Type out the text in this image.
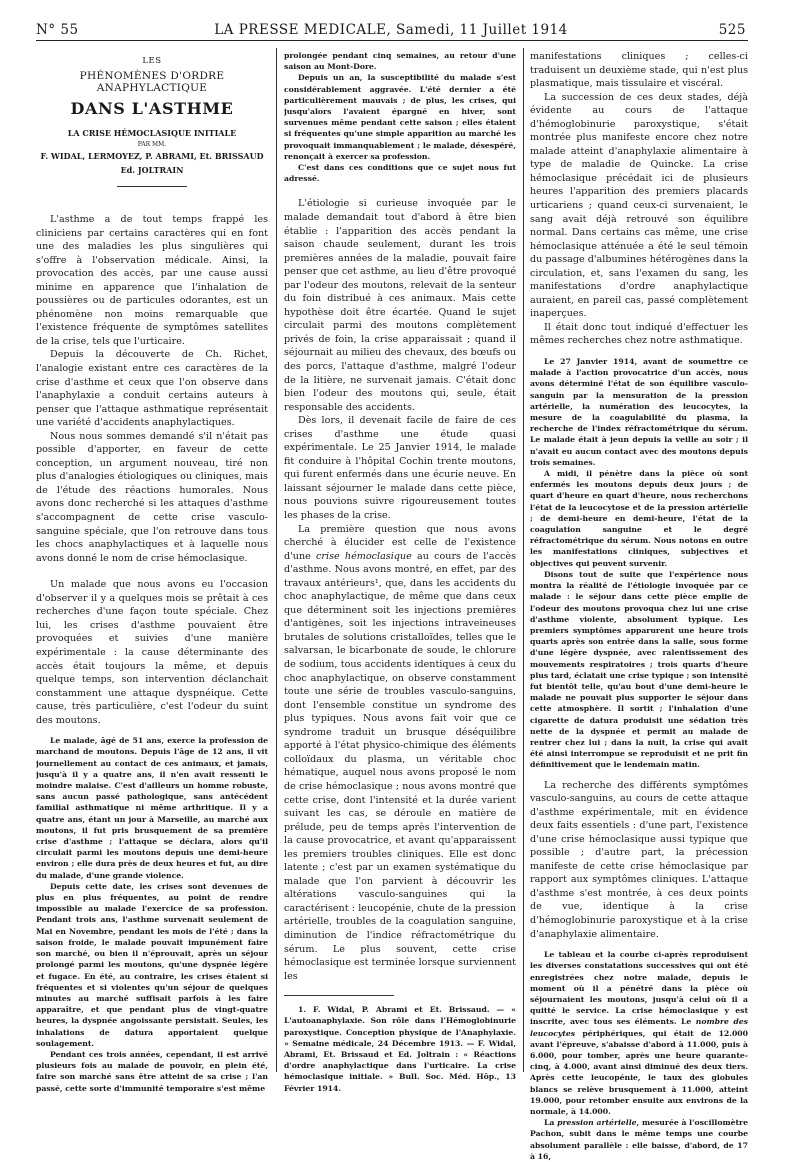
N° 55	LA PRESSE MEDICALE, Samedi, 11 Juillet 1914	525
LES
PHÉNOMÈNES D'ORDRE ANAPHYLACTIQUE
DANS L'ASTHME
LA CRISE HÉMOCLASIQUE INITIALE
PAR MM.
F. WIDAL, LERMOYEZ, P. ABRAMI, Et. BRISSAUD
Ed. JOLTRAIN

L'asthme a de tout temps frappé les cliniciens par certains caractères qui en font une des maladies les plus singulières qui s'offre à l'observation médicale. Ainsi, la provocation des accès, par une cause aussi minime en apparence que l'inhalation de poussières ou de particules odorantes, est un phénomène non moins remarquable que l'existence fréquente de symptômes satellites de la crise, tels que l'urticaire.

Depuis la découverte de Ch. Richet, l'analogie existant entre ces caractères de la crise d'asthme et ceux que l'on observe dans l'anaphylaxie a conduit certains auteurs à penser que l'attaque asthmatique représentait une variété d'accidents anaphylactiques.

Nous nous sommes demandé s'il n'était pas possible d'apporter, en faveur de cette conception, un argument nouveau, tiré non plus d'analogies étiologiques ou cliniques, mais de l'étude des réactions humorales. Nous avons donc recherché si les attaques d'asthme s'accompagnent de cette crise vasculo-sanguine spéciale, que l'on retrouve dans tous les chocs anaphylactiques et à laquelle nous avons donné le nom de crise hémoclasique.

Un malade que nous avons eu l'occasion d'observer il y a quelques mois se prêtait à ces recherches d'une façon toute spéciale. Chez lui, les crises d'asthme pouvaient être provoquées et suivies d'une manière expérimentale : la cause déterminante des accès était toujours la même, et depuis quelque temps, son intervention déclanchait constamment une attaque dyspnéique. Cette cause, très particulière, c'est l'odeur du suint des moutons.

Le malade, âgé de 51 ans, exerce la profession de marchand de moutons. Depuis l'âge de 12 ans, il vit journellement au contact de ces animaux, et jamais, jusqu'à il y a quatre ans, il n'en avait ressenti le moindre malaise. C'est d'ailleurs un homme robuste, sans aucun passé pathologique, sans antécédent familial asthmatique ni même arthritique. Il y a quatre ans, étant un jour à Marseille, au marché aux moutons, il fut pris brusquement de sa première crise d'asthme ; l'attaque se déclara, alors qu'il circulait parmi les moutons depuis une demi-heure environ ; elle dura près de deux heures et fut, au dire du malade, d'une grande violence.

Depuis cette date, les crises sont devenues de plus en plus fréquentes, au point de rendre impossible au malade l'exercice de sa profession. Pendant trois ans, l'asthme survenait seulement de Mai en Novembre, pendant les mois de l'été ; dans la saison froide, le malade pouvait impunément faire son marché, ou bien il n'éprouvait, après un séjour prolongé parmi les moutons, qu'une dyspnée légère et fugace. En été, au contraire, les crises étaient si fréquentes et si violentes qu'un séjour de quelques minutes au marché suffisait parfois à les faire apparaître, et que pendant plus de vingt-quatre heures, la dyspnée angoissante persistait. Seules, les inhalations de datura apportaient quelque soulagement.

Pendant ces trois années, cependant, il est arrivé plusieurs fois au malade de pouvoir, en plein été, faire son marché sans être atteint de sa crise ; l'an passé, cette sorte d'immunité temporaire s'est même

prolongée pendant cinq semaines, au retour d'une saison au Mont-Dore.

Depuis un an, la susceptibilité du malade s'est considérablement aggravée. L'été dernier a été particulièrement mauvais ; de plus, les crises, qui jusqu'alors l'avaient épargné en hiver, sont survenues même pendant cette saison ; elles étaient si fréquentes qu'une simple apparition au marché les provoquait immanquablement ; le malade, désespéré, renonçait à exercer sa profession.

C'est dans ces conditions que ce sujet nous fut adressé.

L'étiologie si curieuse invoquée par le malade demandait tout d'abord à être bien établie : l'apparition des accès pendant la saison chaude seulement, durant les trois premières années de la maladie, pouvait faire penser que cet asthme, au lieu d'être provoqué par l'odeur des moutons, relevait de la senteur du foin distribué à ces animaux. Mais cette hypothèse doit être écartée. Quand le sujet circulait parmi des moutons complètement privés de foin, la crise apparaissait ; quand il séjournait au milieu des chevaux, des bœufs ou des porcs, l'attaque d'asthme, malgré l'odeur de la litière, ne survenait jamais. C'était donc bien l'odeur des moutons qui, seule, était responsable des accidents.

Dès lors, il devenait facile de faire de ces crises d'asthme une étude quasi expérimentale. Le 25 Janvier 1914, le malade fit conduire à l'hôpital Cochin trente moutons, qui furent enfermés dans une écurie neuve. En laissant séjourner le malade dans cette pièce, nous pouvions suivre rigoureusement toutes les phases de la crise.

La première question que nous avons cherché à élucider est celle de l'existence d'une crise hémoclasique au cours de l'accès d'asthme. Nous avons montré, en effet, par des travaux antérieurs¹, que, dans les accidents du choc anaphylactique, de même que dans ceux que déterminent soit les injections premières d'antigènes, soit les injections intraveineuses brutales de solutions cristalloïdes, telles que le salvarsan, le bicarbonate de soude, le chlorure de sodium, tous accidents identiques à ceux du choc anaphylactique, on observe constamment toute une série de troubles vasculo-sanguins, dont l'ensemble constitue un syndrome des plus typiques. Nous avons fait voir que ce syndrome traduit un brusque déséquilibre apporté à l'état physico-chimique des éléments colloïdaux du plasma, un véritable choc hématique, auquel nous avons proposé le nom de crise hémoclasique ; nous avons montré que cette crise, dont l'intensité et la durée varient suivant les cas, se déroule en matière de prélude, peu de temps après l'intervention de la cause provocatrice, et avant qu'apparaissent les premiers troubles cliniques. Elle est donc latente ; c'est par un examen systématique du malade que l'on parvient à découvrir les altérations vasculo-sanguines qui la caractérisent : leucopénie, chute de la pression artérielle, troubles de la coagulation sanguine, diminution de l'indice réfractométrique du sérum. Le plus souvent, cette crise hémoclasique est terminée lorsque surviennent les

1. F. Widal, P. Abrami et Et. Brissaud. — « L'autoanaphylaxie. Son rôle dans l'Hémoglobinurie paroxystique. Conception physique de l'Anaphylaxie. » Semaine médicale, 24 Décembre 1913. — F. Widal, Abrami, Et. Brissaud et Ed. Joltrain : « Réactions d'ordre anaphylactique dans l'urticaire. La crise hémoclasique initiale. » Bull. Soc. Méd. Hôp., 13 Février 1914.

manifestations cliniques ; celles-ci traduisent un deuxième stade, qui n'est plus plasmatique, mais tissulaire et viscéral.

La succession de ces deux stades, déjà évidente au cours de l'attaque d'hémoglobinurie paroxystique, s'était montrée plus manifeste encore chez notre malade atteint d'anaphylaxie alimentaire à type de maladie de Quincke. La crise hémoclasique précédait ici de plusieurs heures l'apparition des premiers placards urticariens ; quand ceux-ci survenaient, le sang avait déjà retrouvé son équilibre normal. Dans certains cas même, une crise hémoclasique atténuée a été le seul témoin du passage d'albumines hétérogènes dans la circulation, et, sans l'examen du sang, les manifestations d'ordre anaphylactique auraient, en pareil cas, passé complètement inaperçues.

Il était donc tout indiqué d'effectuer les mêmes recherches chez notre asthmatique.

Le 27 Janvier 1914, avant de soumettre ce malade à l'action provocatrice d'un accès, nous avons déterminé l'état de son équilibre vasculo-sanguin par la mensuration de la pression artérielle, la numération des leucocytes, la mesure de la coagulabilité du plasma, la recherche de l'index réfractométrique du sérum. Le malade était à jeun depuis la veille au soir ; il n'avait eu aucun contact avec des moutons depuis trois semaines.

A midi, il pénètre dans la pièce où sont enfermés les moutons depuis deux jours ; de quart d'heure en quart d'heure, nous recherchons l'état de la leucocytose et de la pression artérielle ; de demi-heure en demi-heure, l'état de la coagulation sanguine et le degré réfractométrique du sérum. Nous notons en outre les manifestations cliniques, subjectives et objectives qui peuvent survenir.

Disons tout de suite que l'expérience nous montra la réalité de l'étiologie invoquée par ce malade : le séjour dans cette pièce emplie de l'odeur des moutons provoqua chez lui une crise d'asthme violente, absolument typique. Les premiers symptômes apparurent une heure trois quarts après son entrée dans la salle, sous forme d'une légère dyspnée, avec ralentissement des mouvements respiratoires ; trois quarts d'heure plus tard, éclatait une crise typique ; son intensité fut bientôt telle, qu'au bout d'une demi-heure le malade ne pouvait plus supporter le séjour dans cette atmosphère. Il sortit ; l'inhalation d'une cigarette de datura produisit une sédation très nette de la dyspnée et permit au malade de rentrer chez lui ; dans la nuit, la crise qui avait été ainsi interrompue se reproduisit et ne prit fin définitivement que le lendemain matin.

La recherche des différents symptômes vasculo-sanguins, au cours de cette attaque d'asthme expérimentale, mit en évidence deux faits essentiels : d'une part, l'existence d'une crise hémoclasique aussi typique que possible ; d'autre part, la précession manifeste de cette crise hémoclasique par rapport aux symptômes cliniques. L'attaque d'asthme s'est montrée, à ces deux points de vue, identique à la crise d'hémoglobinurie paroxystique et à la crise d'anaphylaxie alimentaire.

Le tableau et la courbe ci-après reproduisent les diverses constatations successives qui ont été enregistrées chez notre malade, depuis le moment où il a pénétré dans la pièce où séjournaient les moutons, jusqu'à celui où il a quitté le service. La crise hémoclasique y est inscrite, avec tous ses éléments. Le nombre des leucocytes périphériques, qui était de 12.000 avant l'épreuve, s'abaisse d'abord à 11.000, puis à 6.000, pour tomber, après une heure quarante-cinq, à 4.000, avant ainsi diminué des deux tiers. Après cette leucopénie, le taux des globules blancs se relève brusquement à 11.000, atteint 19.000, pour retomber ensuite aux environs de la normale, à 14.000.

La pression artérielle, mesurée à l'oscillomètre Pachon, subit dans le même temps une courbe absolument parallèle : elle baisse, d'abord, de 17 à 16,
